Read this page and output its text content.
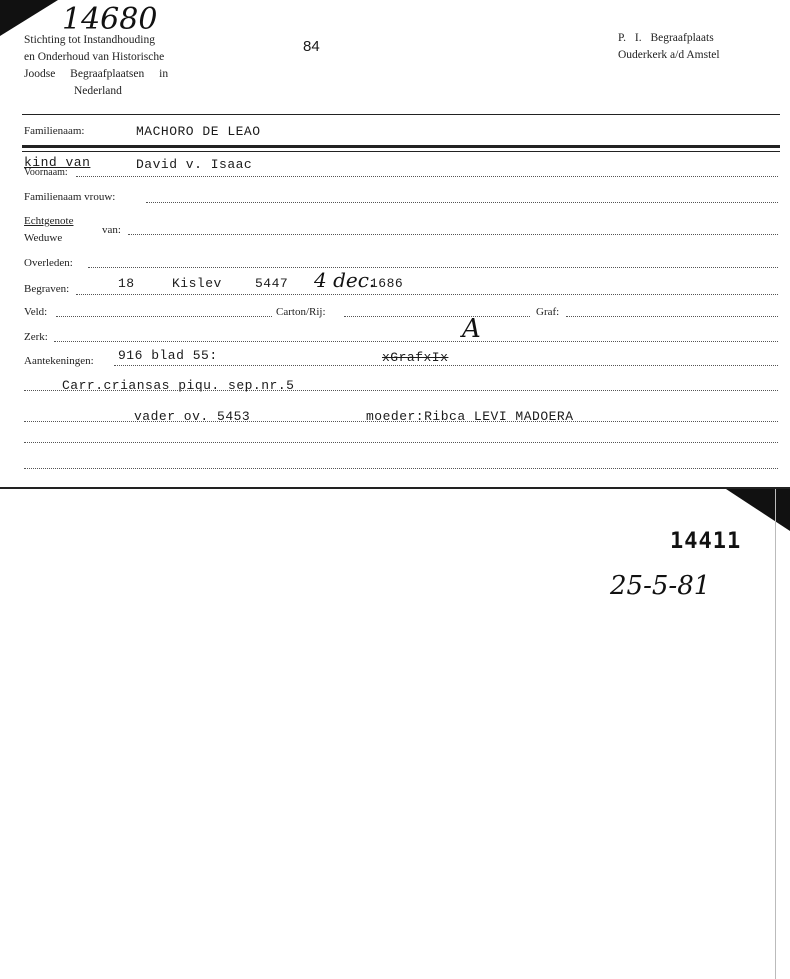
14680
Stichting tot Instandhouding
en Onderhoud van Historische
Joodse Begraafplaatsen in
Nederland
84	P. I. Begraafplaats
Ouderkerk a/d Amstel
Familienaam:	MACHORO DE LEAO
kind van	David v. Isaac
Voornaam:
Familienaam vrouw:
Echtgenote
Weduwe
van:
Overleden:
Begraven:	18	Kislev	5447 4 dec.
1686
Veld:	Carton/Rij:	Graf:
Zerk:	A
Aantekeningen: 916 blad 55:	xGrafxIx
Carr.criansas piqu. sep.nr.5
vader ov. 5453	moeder:Ribca LEVI MADOERA
14411
25-5-81
